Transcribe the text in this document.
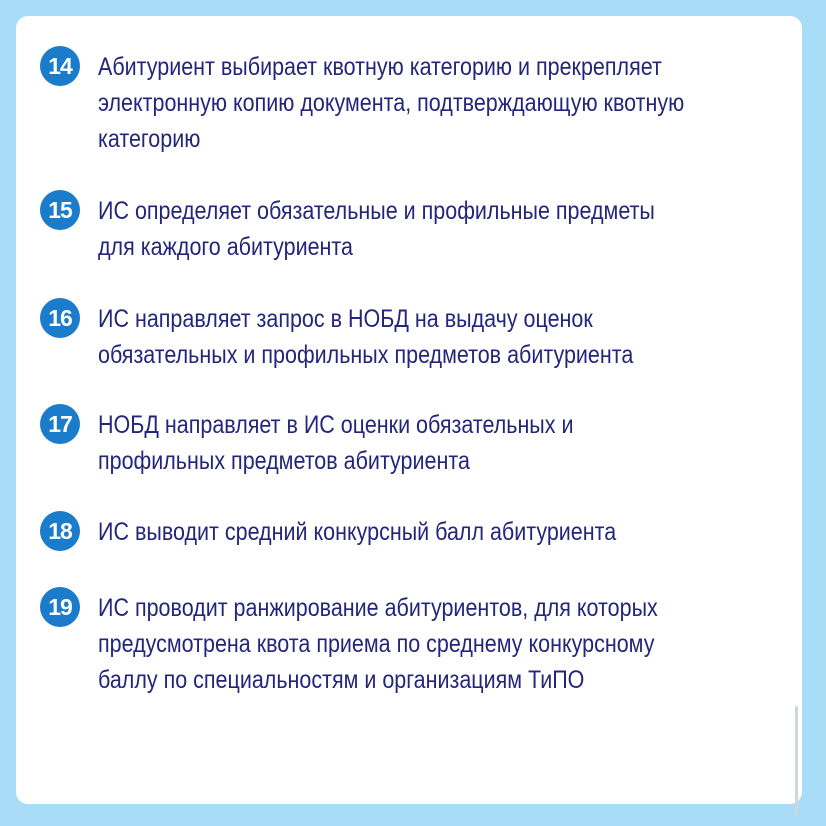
14	Абитуриент выбирает квотную категорию и прекрепляет электронную копию документа, подтверждающую квотную категорию
15	ИС определяет обязательные и профильные предметы для каждого абитуриента
16	ИС направляет запрос в НОБД на выдачу оценок обязательных и профильных предметов абитуриента
17	НОБД направляет в ИС оценки обязательных и профильных предметов абитуриента
18	ИС выводит средний конкурсный балл абитуриента
19	ИС проводит ранжирование абитуриентов, для которых предусмотрена квота приема по среднему конкурсному баллу по специальностям и организациям ТиПО
